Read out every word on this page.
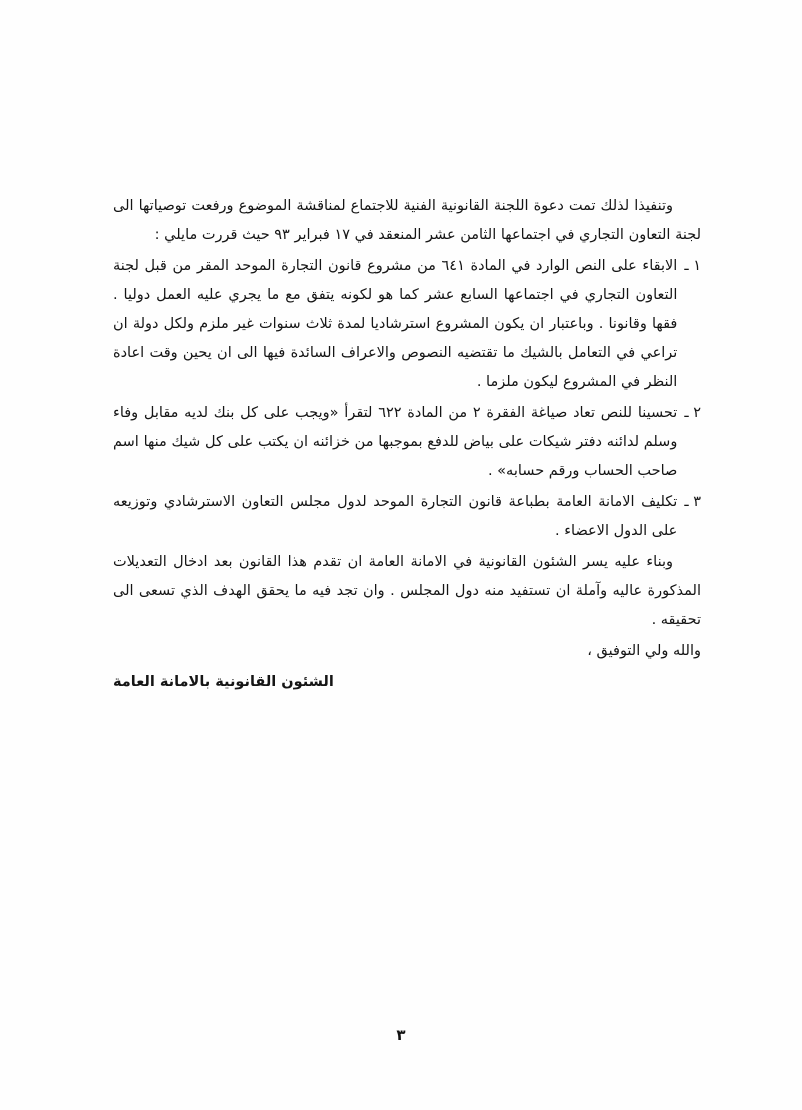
وتنفيذا لذلك تمت دعوة اللجنة القانونية الفنية للاجتماع لمناقشة الموضوع ورفعت توصياتها الى لجنة التعاون التجاري في اجتماعها الثامن عشر المنعقد في ١٧ فبراير ٩٣ حيث قررت مايلي :

١ ـ
الابقاء على النص الوارد في المادة ٦٤١ من مشروع قانون التجارة الموحد المقر من قبل لجنة التعاون التجاري في اجتماعها السابع عشر كما هو لكونه يتفق مع ما يجري عليه العمل دوليا . فقها وقانونا . وباعتبار ان يكون المشروع استرشاديا لمدة ثلاث سنوات غير ملزم ولكل دولة ان تراعي في التعامل بالشيك ما تقتضيه النصوص والاعراف السائدة فيها الى ان يحين وقت اعادة النظر في المشروع ليكون ملزما .
٢ ـ
تحسينا للنص تعاد صياغة الفقرة ٢ من المادة ٦٢٢ لتقرأ «ويجب على كل بنك لديه مقابل وفاء وسلم لدائنه دفتر شيكات على بياض للدفع بموجبها من خزائنه ان يكتب على كل شيك منها اسم صاحب الحساب ورقم حسابه» .
٣ ـ
تكليف الامانة العامة بطباعة قانون التجارة الموحد لدول مجلس التعاون الاسترشادي وتوزيعه على الدول الاعضاء .

وبناء عليه يسر الشئون القانونية في الامانة العامة ان تقدم هذا القانون بعد ادخال التعديلات المذكورة عاليه وآملة ان تستفيد منه دول المجلس . وان تجد فيه ما يحقق الهدف الذي تسعى الى تحقيقه .

والله ولي التوفيق ،

الشئون القانونية بالامانة العامة

٣
